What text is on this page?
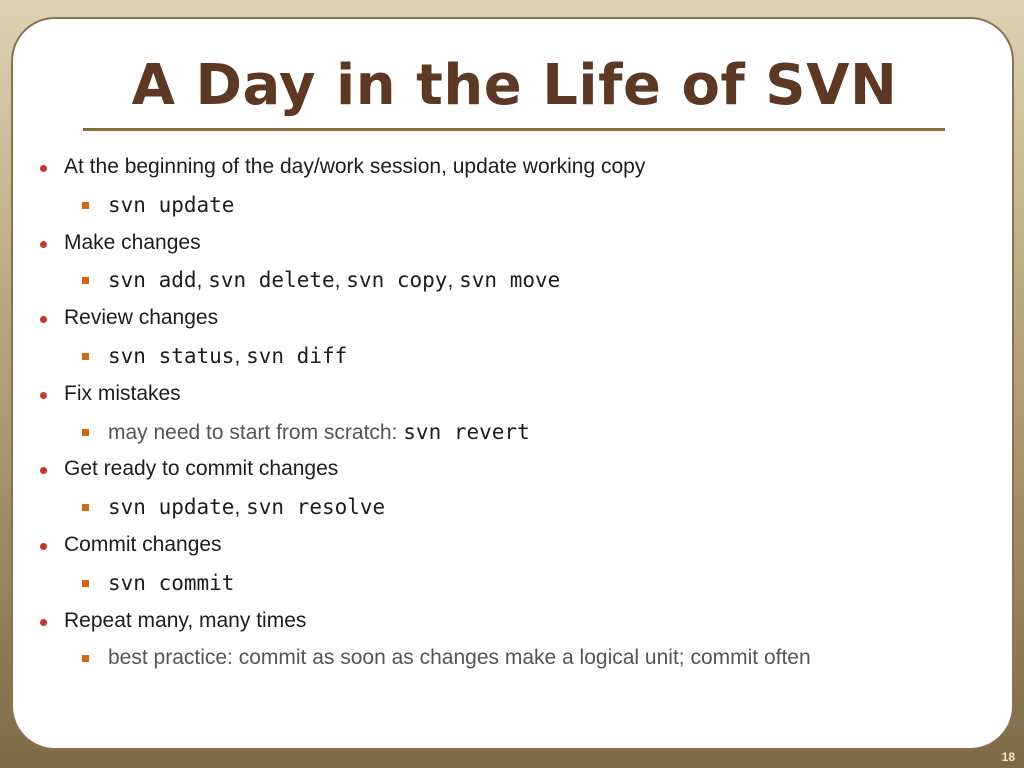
A Day in the Life of SVN
At the beginning of the day/work session, update working copy
svn update
Make changes
svn add, svn delete, svn copy, svn move
Review changes
svn status, svn diff
Fix mistakes
may need to start from scratch: svn revert
Get ready to commit changes
svn update, svn resolve
Commit changes
svn commit
Repeat many, many times
best practice: commit as soon as changes make a logical unit; commit often
18
